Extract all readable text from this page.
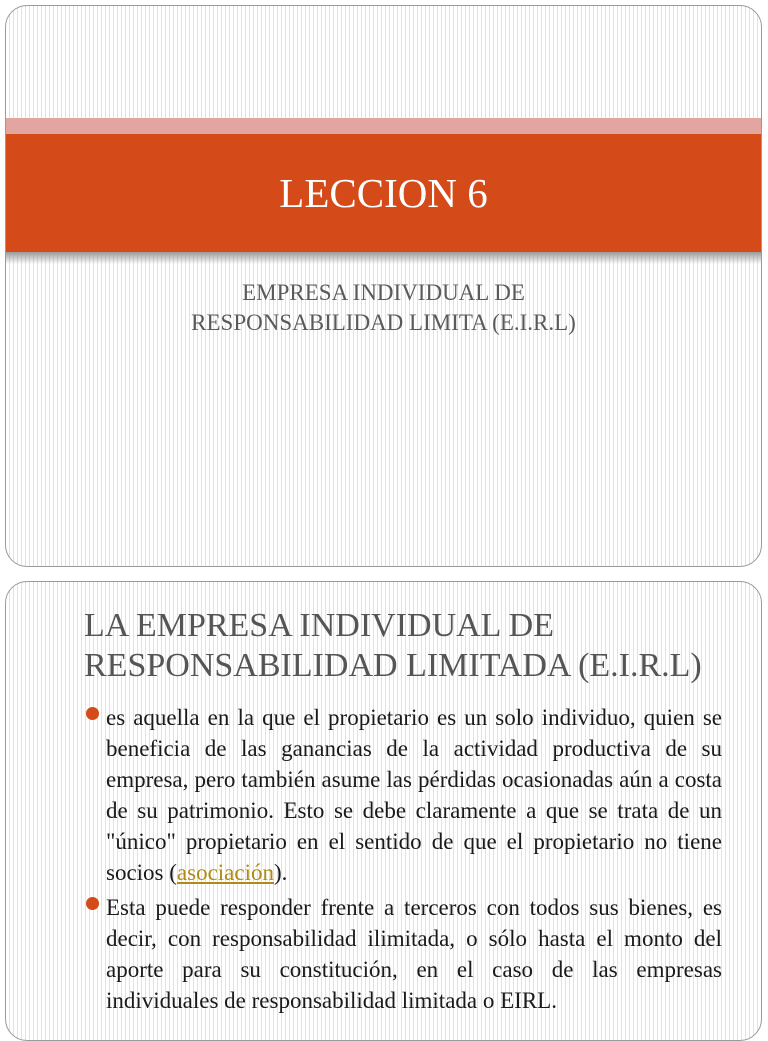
LECCION 6
EMPRESA INDIVIDUAL DE
RESPONSABILIDAD LIMITA (E.I.R.L)
LA EMPRESA INDIVIDUAL DE
RESPONSABILIDAD LIMITADA (E.I.R.L)
es aquella en la que el propietario es un solo individuo, quien se beneficia de las ganancias de la actividad productiva de su empresa, pero también asume las pérdidas ocasionadas aún a costa de su patrimonio. Esto se debe claramente a que se trata de un "único" propietario en el sentido de que el propietario no tiene socios (asociación).
Esta puede responder frente a terceros con todos sus bienes, es decir, con responsabilidad ilimitada, o sólo hasta el monto del aporte para su constitución, en el caso de las empresas individuales de responsabilidad limitada o EIRL.
